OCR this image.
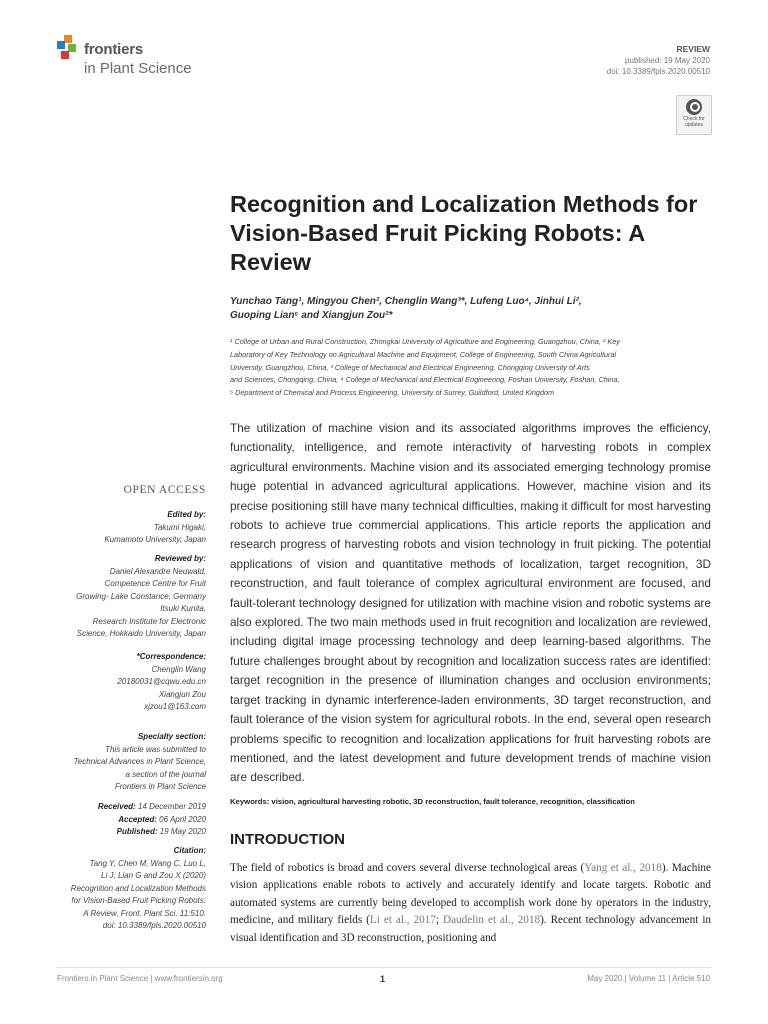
frontiers
in Plant Science
REVIEW
published: 19 May 2020
doi: 10.3389/fpls.2020.00510
Check for updates
Recognition and Localization Methods for Vision-Based Fruit Picking Robots: A Review
Yunchao Tang¹, Mingyou Chen², Chenglin Wang³*, Lufeng Luo⁴, Jinhui Li²,
Guoping Lian⁵ and Xiangjun Zou²*
¹ College of Urban and Rural Construction, Zhongkai University of Agriculture and Engineering, Guangzhou, China, ² Key
Laboratory of Key Technology on Agricultural Machine and Equipment, College of Engineering, South China Agricultural
University, Guangzhou, China, ³ College of Mechanical and Electrical Engineering, Chongqing University of Arts
and Sciences, Chongqing, China, ⁴ College of Mechanical and Electrical Engineering, Foshan University, Foshan, China,
⁵ Department of Chemical and Process Engineering, University of Surrey, Guildford, United Kingdom
The utilization of machine vision and its associated algorithms improves the efficiency, functionality, intelligence, and remote interactivity of harvesting robots in complex agricultural environments. Machine vision and its associated emerging technology promise huge potential in advanced agricultural applications. However, machine vision and its precise positioning still have many technical difficulties, making it difficult for most harvesting robots to achieve true commercial applications. This article reports the application and research progress of harvesting robots and vision technology in fruit picking. The potential applications of vision and quantitative methods of localization, target recognition, 3D reconstruction, and fault tolerance of complex agricultural environment are focused, and fault-tolerant technology designed for utilization with machine vision and robotic systems are also explored. The two main methods used in fruit recognition and localization are reviewed, including digital image processing technology and deep learning-based algorithms. The future challenges brought about by recognition and localization success rates are identified: target recognition in the presence of illumination changes and occlusion environments; target tracking in dynamic interference-laden environments, 3D target reconstruction, and fault tolerance of the vision system for agricultural robots. In the end, several open research problems specific to recognition and localization applications for fruit harvesting robots are mentioned, and the latest development and future development trends of machine vision are described.
Keywords: vision, agricultural harvesting robotic, 3D reconstruction, fault tolerance, recognition, classification
INTRODUCTION
The field of robotics is broad and covers several diverse technological areas (Yang et al., 2018). Machine vision applications enable robots to actively and accurately identify and locate targets. Robotic and automated systems are currently being developed to accomplish work done by operators in the industry, medicine, and military fields (Li et al., 2017; Daudelin et al., 2018). Recent technology advancement in visual identification and 3D reconstruction, positioning and
OPEN ACCESS
Edited by:
Takumi Higaki,
Kumamoto University, Japan
Reviewed by:
Daniel Alexandre Neuwald,
Competence Centre for Fruit
Growing- Lake Constance, Germany
Itsuki Kunita,
Research Institute for Electronic
Science, Hokkaido University, Japan
*Correspondence:
Chenglin Wang
20180031@cqwu.edu.cn
Xiangjun Zou
xjzou1@163.com
Specialty section:
This article was submitted to
Technical Advances in Plant Science,
a section of the journal
Frontiers in Plant Science
Received: 14 December 2019
Accepted: 06 April 2020
Published: 19 May 2020
Citation:
Tang Y, Chen M, Wang C, Luo L,
Li J, Lian G and Zou X (2020)
Recognition and Localization Methods
for Vision-Based Fruit Picking Robots:
A Review. Front. Plant Sci. 11:510.
doi: 10.3389/fpls.2020.00510
Frontiers in Plant Science | www.frontiersin.org	1	May 2020 | Volume 11 | Article 510
